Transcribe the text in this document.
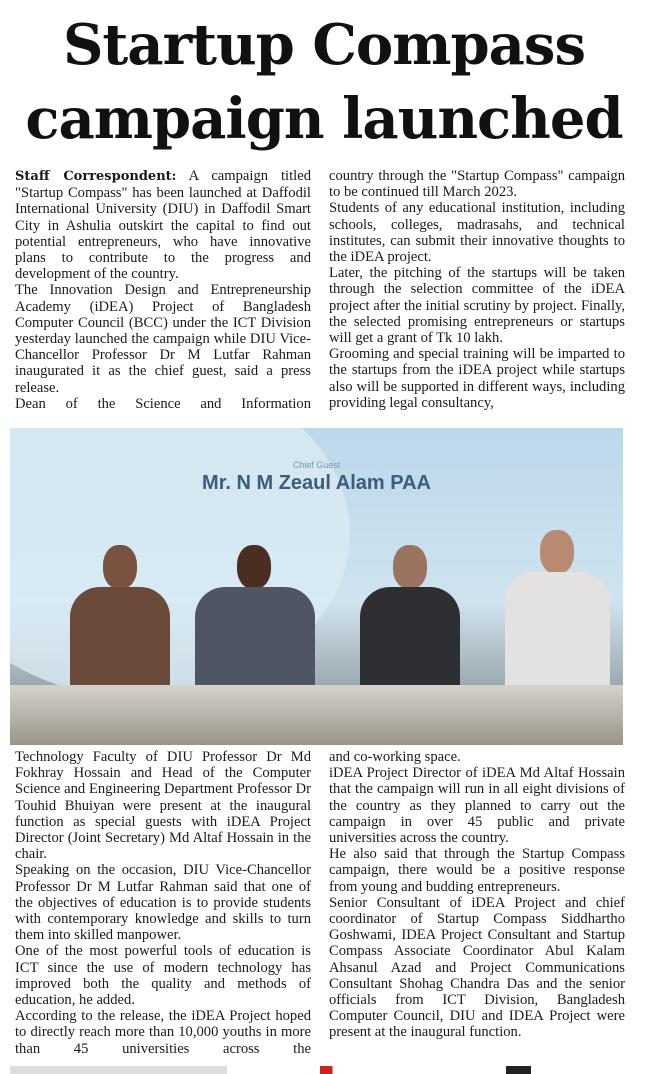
Startup Compass
campaign launched

Staff Correspondent: A campaign titled "Startup Compass" has been launched at Daffodil International University (DIU) in Daffodil Smart City in Ashulia outskirt the capital to find out potential entrepreneurs, who have innovative plans to contribute to the progress and development of the country.

The Innovation Design and Entrepreneurship Academy (iDEA) Project of Bangladesh Computer Council (BCC) under the ICT Division yesterday launched the campaign while DIU Vice-Chancellor Professor Dr M Lutfar Rahman inaugurated it as the chief guest, said a press release.

Dean of the Science and Information

country through the "Startup Compass" campaign to be continued till March 2023.

Students of any educational institution, including schools, colleges, madrasahs, and technical institutes, can submit their innovative thoughts to the iDEA project.

Later, the pitching of the startups will be taken through the selection committee of the iDEA project after the initial scrutiny by project. Finally, the selected promising entrepreneurs or startups will get a grant of Tk 10 lakh.

Grooming and special training will be imparted to the startups from the iDEA project while startups also will be supported in different ways, including providing legal consultancy,

Chief Guest
Mr. N M Zeaul Alam PAA

Technology Faculty of DIU Professor Dr Md Fokhray Hossain and Head of the Computer Science and Engineering Department Professor Dr Touhid Bhuiyan were present at the inaugural function as special guests with iDEA Project Director (Joint Secretary) Md Altaf Hossain in the chair.

Speaking on the occasion, DIU Vice-Chancellor Professor Dr M Lutfar Rahman said that one of the objectives of education is to provide students with contemporary knowledge and skills to turn them into skilled manpower.

One of the most powerful tools of education is ICT since the use of modern technology has improved both the quality and methods of education, he added.

According to the release, the iDEA Project hoped to directly reach more than 10,000 youths in more than 45 universities across the

and co-working space.

iDEA Project Director of iDEA Md Altaf Hossain that the campaign will run in all eight divisions of the country as they planned to carry out the campaign in over 45 public and private universities across the country.

He also said that through the Startup Compass campaign, there would be a positive response from young and budding entrepreneurs.

Senior Consultant of iDEA Project and chief coordinator of Startup Compass Siddhartho Goshwami, IDEA Project Consultant and Startup Compass Associate Coordinator Abul Kalam Ahsanul Azad and Project Communications Consultant Shohag Chandra Das and the senior officials from ICT Division, Bangladesh Computer Council, DIU and IDEA Project were present at the inaugural function.
